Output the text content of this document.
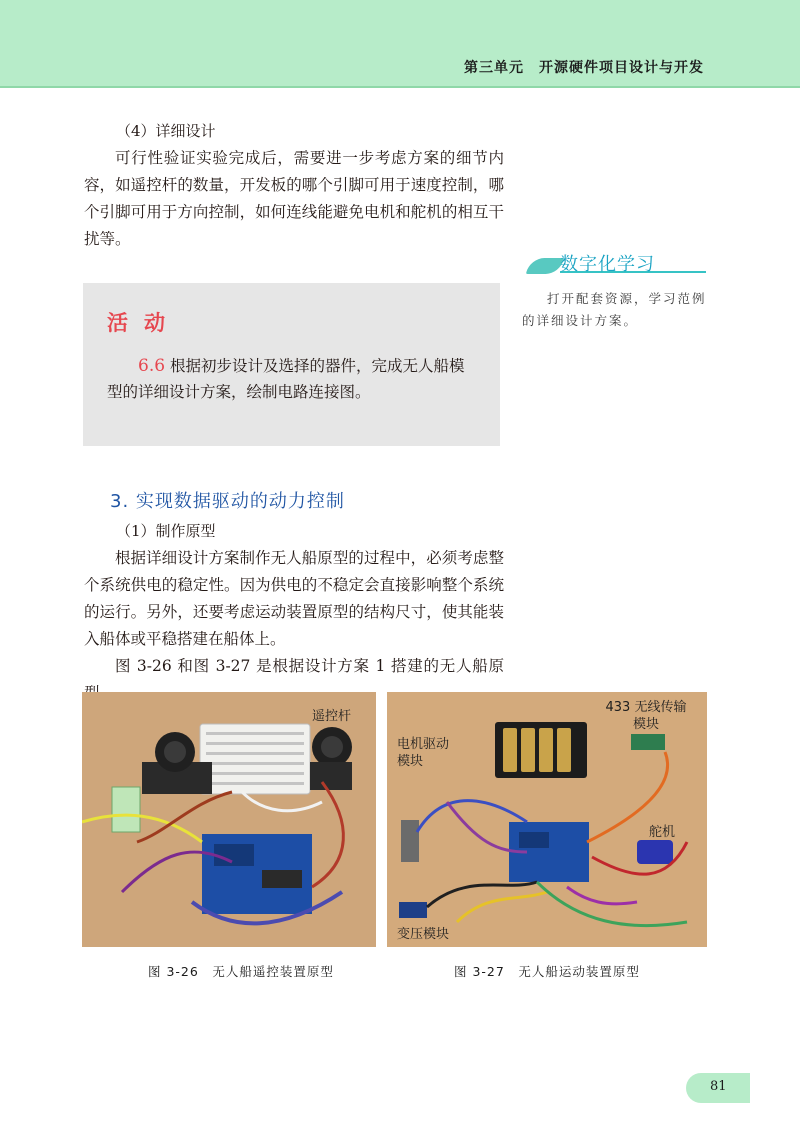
第三单元　开源硬件项目设计与开发

（4）详细设计

可行性验证实验完成后，需要进一步考虑方案的细节内容，如遥控杆的数量，开发板的哪个引脚可用于速度控制，哪个引脚可用于方向控制，如何连线能避免电机和舵机的相互干扰等。

数字化学习
打开配套资源，学习范例的详细设计方案。
活动
6.6 根据初步设计及选择的器件，完成无人船模型的详细设计方案，绘制电路连接图。
3. 实现数据驱动的动力控制

（1）制作原型

根据详细设计方案制作无人船原型的过程中，必须考虑整个系统供电的稳定性。因为供电的不稳定会直接影响整个系统的运行。另外，还要考虑运动装置原型的结构尺寸，使其能装入船体或平稳搭建在船体上。

图 3-26 和图 3-27 是根据设计方案 1 搭建的无人船原

遥控杆
433 无线传输模块
电机驱动模块
舵机
变压模块
图 3-26　无人船遥控装置原型	图 3-27　无人船运动装置原型
81
